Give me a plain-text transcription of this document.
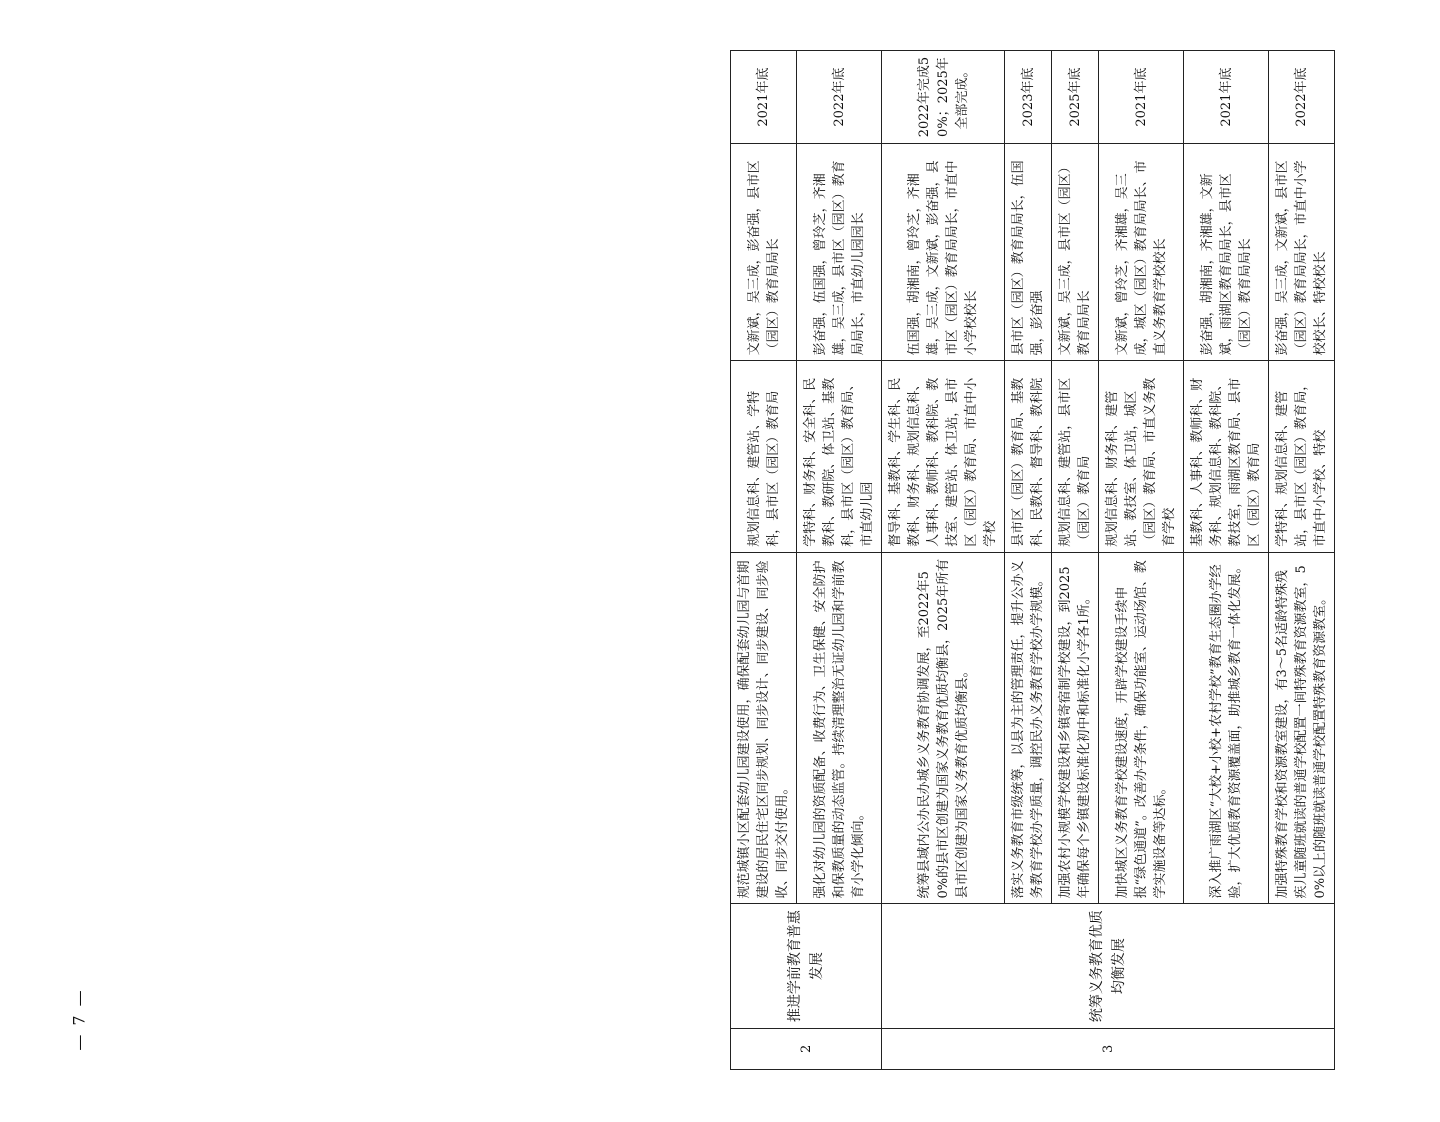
2	推进学前教育普惠发展	规范城镇小区配套幼儿园建设使用，确保配套幼儿园与首期建设的居民住宅区同步规划、同步设计、同步建设、同步验收、同步交付使用。	规划信息科、建管站、学特科，县市区（园区）教育局	文新斌，吴三成，彭奋强，县市区（园区）教育局局长	2021年底
		强化对幼儿园的资质配备、收费行为、卫生保健、安全防护和保教质量的动态监管。持续清理整治无证幼儿园和学前教育小学化倾向。	学特科、财务科、安全科、民教科、教研院、体卫站、基教科，县市区（园区）教育局、市直幼儿园	彭奋强，伍国强，曾玲芝，齐湘雄，吴三成，县市区（园区）教育局局长，市直幼儿园园长	2022年底
3	统筹义务教育优质均衡发展	统筹县域内公办民办城乡义务教育协调发展，至2022年50%的县市区创建为国家义务教育优质均衡县，2025年所有县市区创建为国家义务教育优质均衡县。	督导科、基教科、学生科、民教科、财务科、规划信息科、人事科、教师科、教科院、教技室、建管站、体卫站，县市区（园区）教育局、市直中小学校	伍国强，胡湘南，曾玲芝，齐湘雄，吴三成，文新斌，彭奋强，县市区（园区）教育局局长，市直中小学校校长	2022年完成50%；2025年全部完成。
		落实义务教育市级统筹，以县为主的管理责任，提升公办义务教育学校办学质量，调控民办义务教育学校办学规模。	县市区（园区）教育局、基教科、民教科、督导科、教科院	县市区（园区）教育局局长，伍国强，彭奋强	2023年底
		加强农村小规模学校建设和乡镇寄宿制学校建设，到2025年确保每个乡镇建设标准化初中和标准化小学各1所。	规划信息科、建管站，县市区（园区）教育局	文新斌，吴三成，县市区（园区）教育局局长	2025年底
		加快城区义务教育学校建设速度，开辟学校建设手续申报“绿色通道”。改善办学条件，确保功能室、运动场馆、教学实施设备等达标。	规划信息科、财务科、建管站、教技室、体卫站，城区（园区）教育局、市直义务教育学校	文新斌，曾玲芝，齐湘雄，吴三成，城区（园区）教育局局长、市直义务教育学校校长	2021年底
		深入推广雨湖区“大校+小校+农村学校”教育生态圈办学经验，扩大优质教育资源覆盖面，助推城乡教育一体化发展。	基教科、人事科、教师科、财务科、规划信息科、教科院、教技室，雨湖区教育局、县市区（园区）教育局	彭奋强，胡湘南，齐湘雄，文新斌，雨湖区教育局局长，县市区（园区）教育局局长	2021年底
		加强特殊教育学校和资源教室建设，有3～5名适龄特殊残疾儿童随班就读的普通学校配置一间特殊教育资源教室，50%以上的随班就读普通学校配置特殊教育资源教室。	学特科、规划信息科、建管站，县市区（园区）教育局，市直中小学校、特校	彭奋强，吴三成，文新斌，县市区（园区）教育局局长，市直中小学校校长、特校校长	2022年底
— 7 —
